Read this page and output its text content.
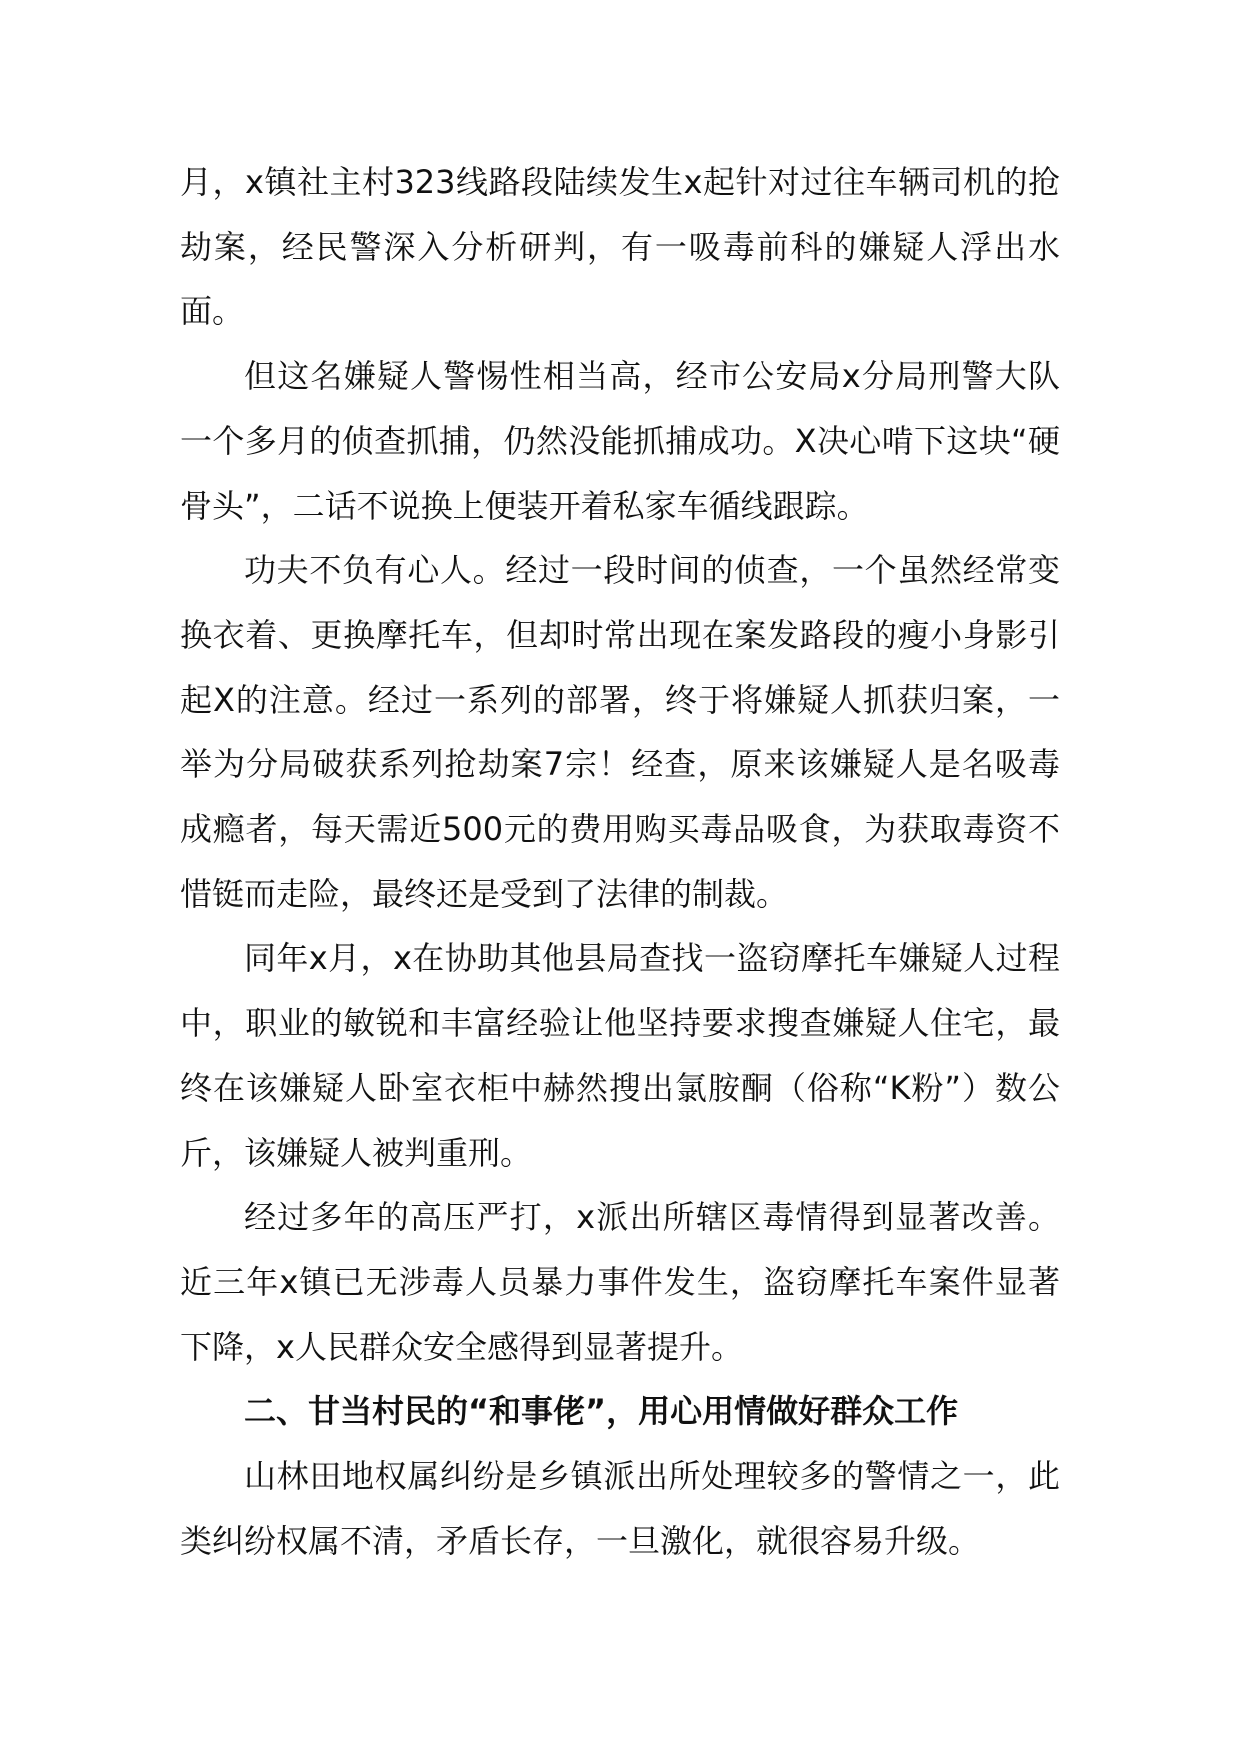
月，x镇社主村323线路段陆续发生x起针对过往车辆司机的抢劫案，经民警深入分析研判，有一吸毒前科的嫌疑人浮出水面。

但这名嫌疑人警惕性相当高，经市公安局x分局刑警大队一个多月的侦查抓捕，仍然没能抓捕成功。X决心啃下这块“硬骨头”，二话不说换上便装开着私家车循线跟踪。

功夫不负有心人。经过一段时间的侦查，一个虽然经常变换衣着、更换摩托车，但却时常出现在案发路段的瘦小身影引起X的注意。经过一系列的部署，终于将嫌疑人抓获归案，一举为分局破获系列抢劫案7宗！经查，原来该嫌疑人是名吸毒成瘾者，每天需近500元的费用购买毒品吸食，为获取毒资不惜铤而走险，最终还是受到了法律的制裁。

同年x月，x在协助其他县局查找一盗窃摩托车嫌疑人过程中，职业的敏锐和丰富经验让他坚持要求搜查嫌疑人住宅，最终在该嫌疑人卧室衣柜中赫然搜出氯胺酮（俗称“K粉”）数公斤，该嫌疑人被判重刑。

经过多年的高压严打，x派出所辖区毒情得到显著改善。近三年x镇已无涉毒人员暴力事件发生，盗窃摩托车案件显著下降，x人民群众安全感得到显著提升。

二、甘当村民的“和事佬”，用心用情做好群众工作

山林田地权属纠纷是乡镇派出所处理较多的警情之一，此类纠纷权属不清，矛盾长存，一旦激化，就很容易升级。
